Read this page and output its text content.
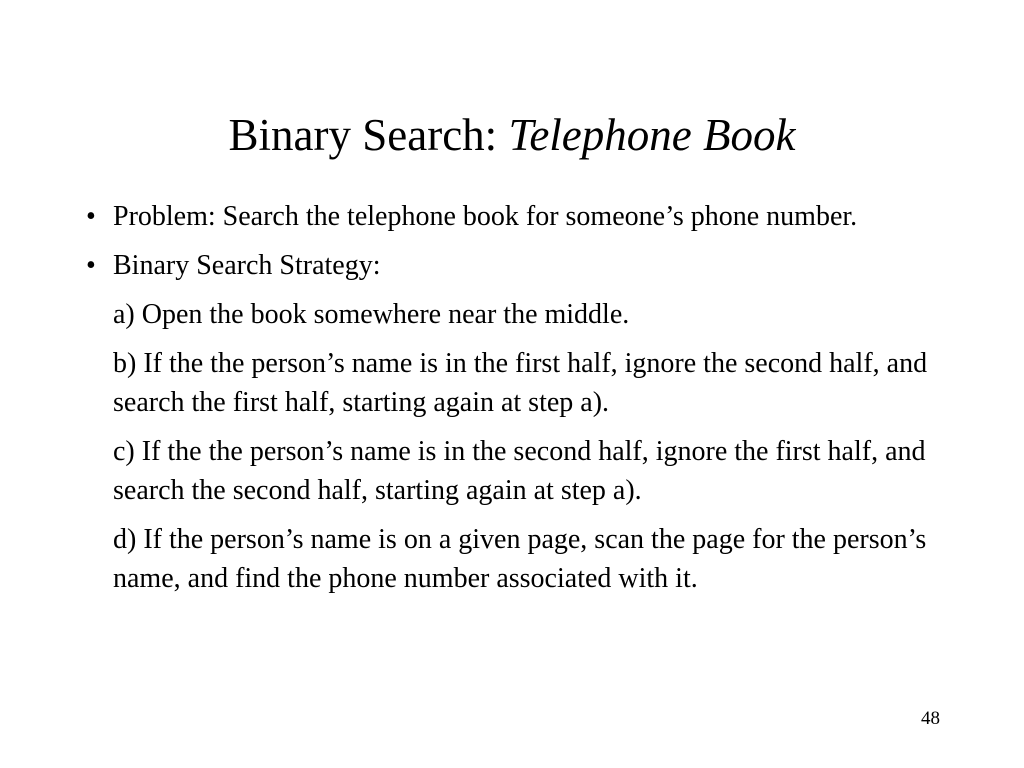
Binary Search: Telephone Book
• Problem: Search the telephone book for someone’s phone number.
• Binary Search Strategy:
a) Open the book somewhere near the middle.
b) If the the person’s name is in the first half, ignore the second half, and search the first half, starting again at step a).
c) If the the person’s name is in the second half, ignore the first half, and search the second half, starting again at step a).
d) If the person’s name is on a given page, scan the page for the person’s name, and find the phone number associated with it.
48
